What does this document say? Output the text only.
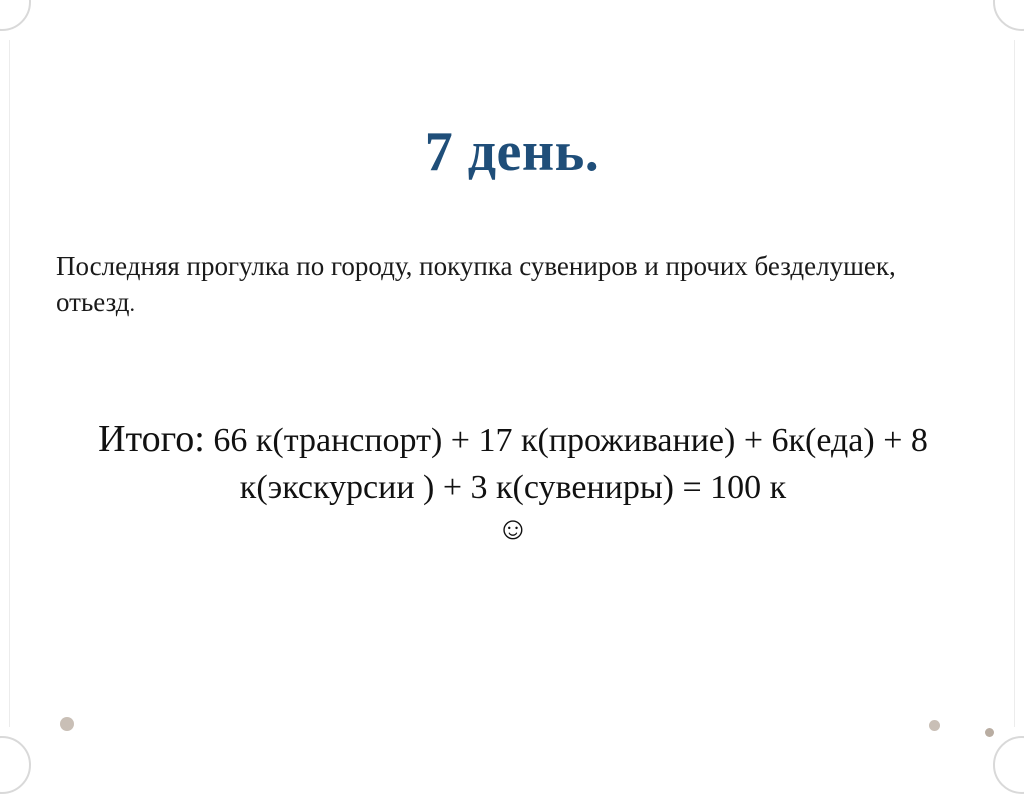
7 день.

Последняя прогулка по городу, покупка сувениров и прочих безделушек, отьезд.

Итого: 66 к(транспорт) + 17 к(проживание) + 6к(еда) + 8 к(экскурсии ) + 3 к(сувениры) = 100 к
☺
